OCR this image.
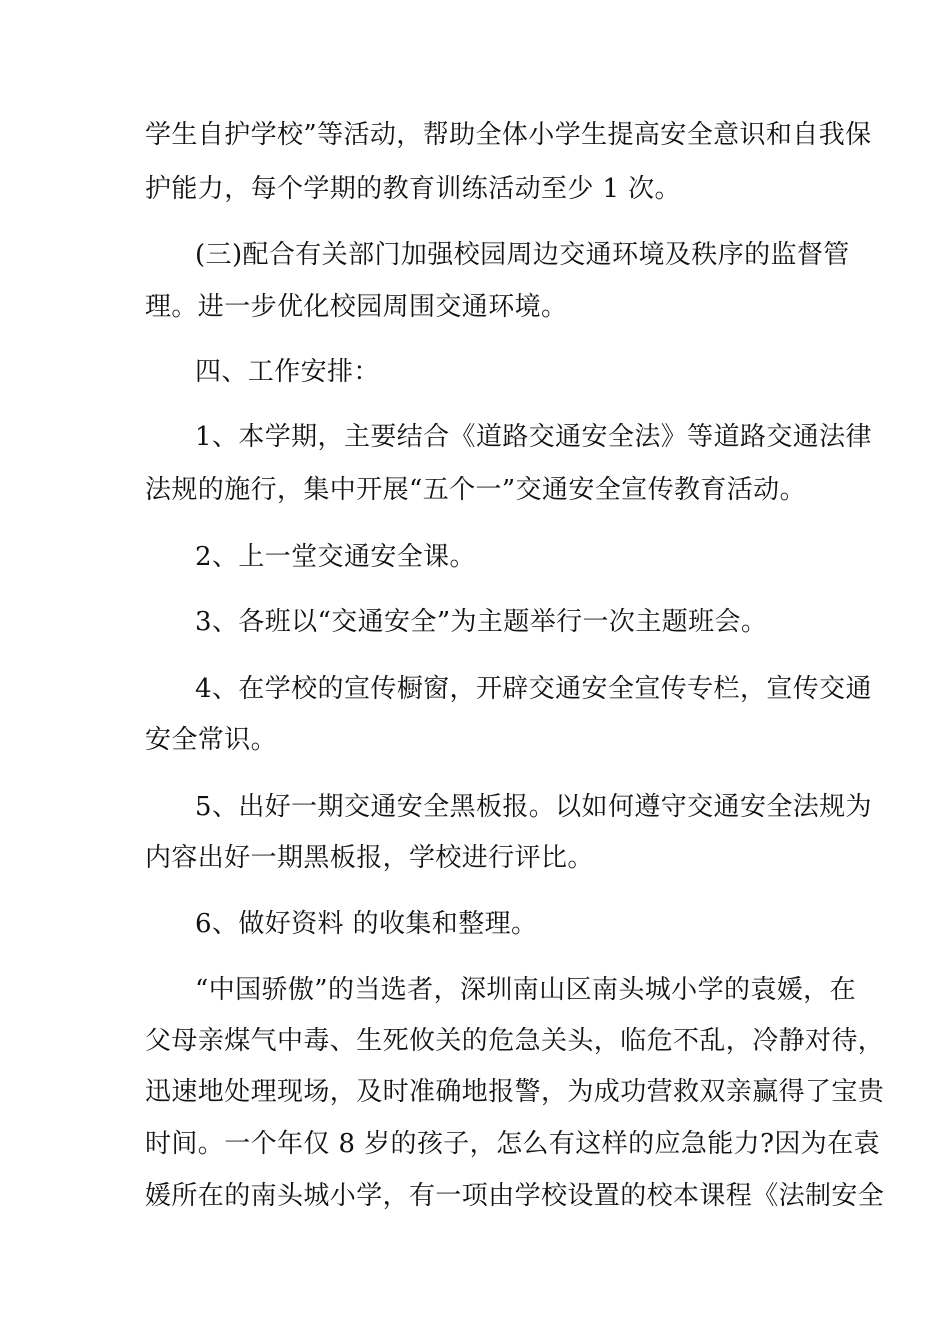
学生自护学校”等活动，帮助全体小学生提高安全意识和自我保
护能力，每个学期的教育训练活动至少 1 次。
(三)配合有关部门加强校园周边交通环境及秩序的监督管
理。进一步优化校园周围交通环境。
四、工作安排：
1、本学期，主要结合《道路交通安全法》等道路交通法律
法规的施行，集中开展“五个一”交通安全宣传教育活动。
2、上一堂交通安全课。
3、各班以“交通安全”为主题举行一次主题班会。
4、在学校的宣传橱窗，开辟交通安全宣传专栏，宣传交通
安全常识。
5、出好一期交通安全黑板报。以如何遵守交通安全法规为
内容出好一期黑板报，学校进行评比。
6、做好资料 的收集和整理。
“中国骄傲”的当选者，深圳南山区南头城小学的袁媛，在
父母亲煤气中毒、生死攸关的危急关头，临危不乱，冷静对待，
迅速地处理现场，及时准确地报警，为成功营救双亲赢得了宝贵
时间。一个年仅 8 岁的孩子，怎么有这样的应急能力?因为在袁
媛所在的南头城小学，有一项由学校设置的校本课程《法制安全
